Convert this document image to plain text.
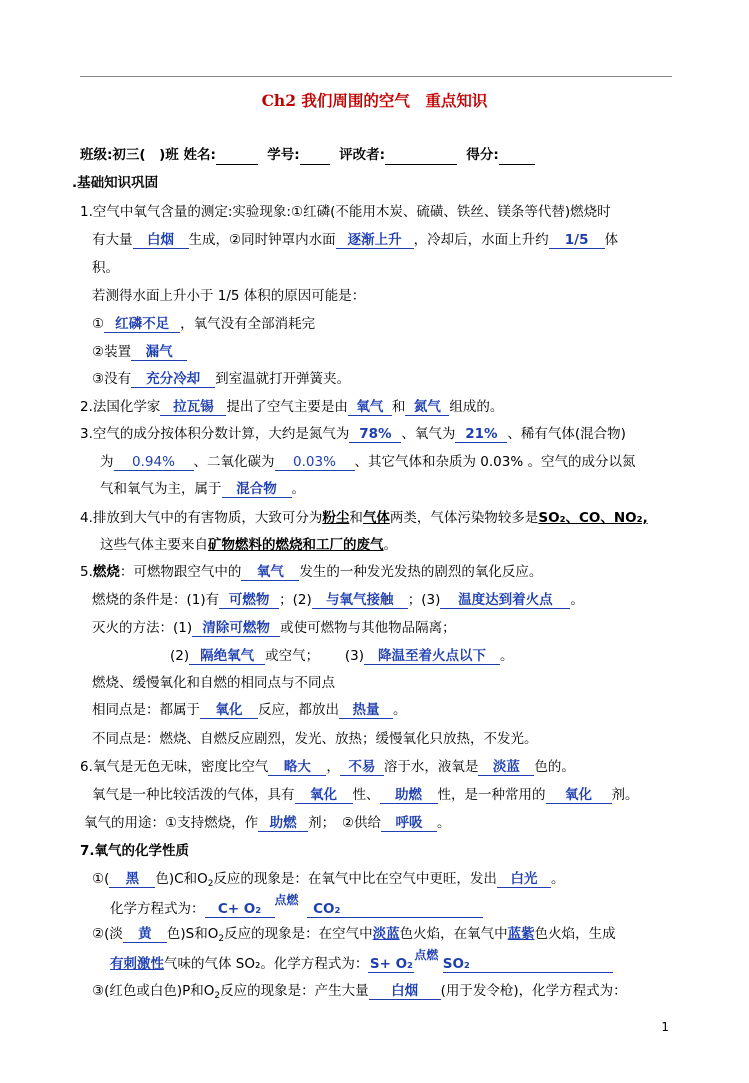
Ch2 我们周围的空气　重点知识
班级:初三(　)班 姓名:	学号:	评改者:	得分:
.基础知识巩固
1.空气中氧气含量的测定:实验现象:①红磷(不能用木炭、硫磺、铁丝、镁条等代替)燃烧时
有大量 白烟 生成，②同时钟罩内水面 逐渐上升 ，冷却后，水面上升约 1/5 体
积。
若测得水面上升小于 1/5 体积的原因可能是：
① 红磷不足 ，氧气没有全部消耗完
②装置 漏气
③没有 充分冷却 到室温就打开弹簧夹。
2.法国化学家 拉瓦锡 提出了空气主要是由 氧气 和 氮气 组成的。
3.空气的成分按体积分数计算，大约是氮气为 78% 、氧气为 21% 、稀有气体(混合物)
为 0.94% 、二氧化碳为 0.03% 、其它气体和杂质为 0.03% 。空气的成分以氮
气和氧气为主，属于 混合物 。
4.排放到大气中的有害物质，大致可分为粉尘和气体两类，气体污染物较多是SO₂、CO、NO₂,
这些气体主要来自矿物燃料的燃烧和工厂的废气。
5.燃烧：可燃物跟空气中的 氧气 发生的一种发光发热的剧烈的氧化反应。
燃烧的条件是：(1)有 可燃物 ；(2) 与氧气接触 ；(3) 温度达到着火点 。
灭火的方法：(1) 清除可燃物 或使可燃物与其他物品隔离；
(2) 隔绝氧气 或空气； (3) 降温至着火点以下 。
燃烧、缓慢氧化和自燃的相同点与不同点
相同点是：都属于 氧化 反应，都放出 热量 。
不同点是：燃烧、自燃反应剧烈，发光、放热；缓慢氧化只放热，不发光。
6.氧气是无色无味，密度比空气 略大 ， 不易 溶于水，液氧是 淡蓝 色的。
氧气是一种比较活泼的气体，具有 氧化 性、 助燃 性，是一种常用的 氧化 剂。
氧气的用途：①支持燃烧，作 助燃 剂；　②供给 呼吸 。
7.氧气的化学性质
①( 黑 色)C和$O_2$反应的现象是：在氧气中比在空气中更旺，发出 白光 。
化学方程式为： C+ O₂点燃  CO₂
②(淡 黄 色)S和$O_2$反应的现象是：在空气中淡蓝色火焰，在氧气中蓝紫色火焰，生成
有刺激性气味的气体 SO₂。化学方程式为：S+ O₂点燃 SO₂
③(红色或白色)P和$O_2$反应的现象是：产生大量 白烟 (用于发令枪)，化学方程式为：
1
